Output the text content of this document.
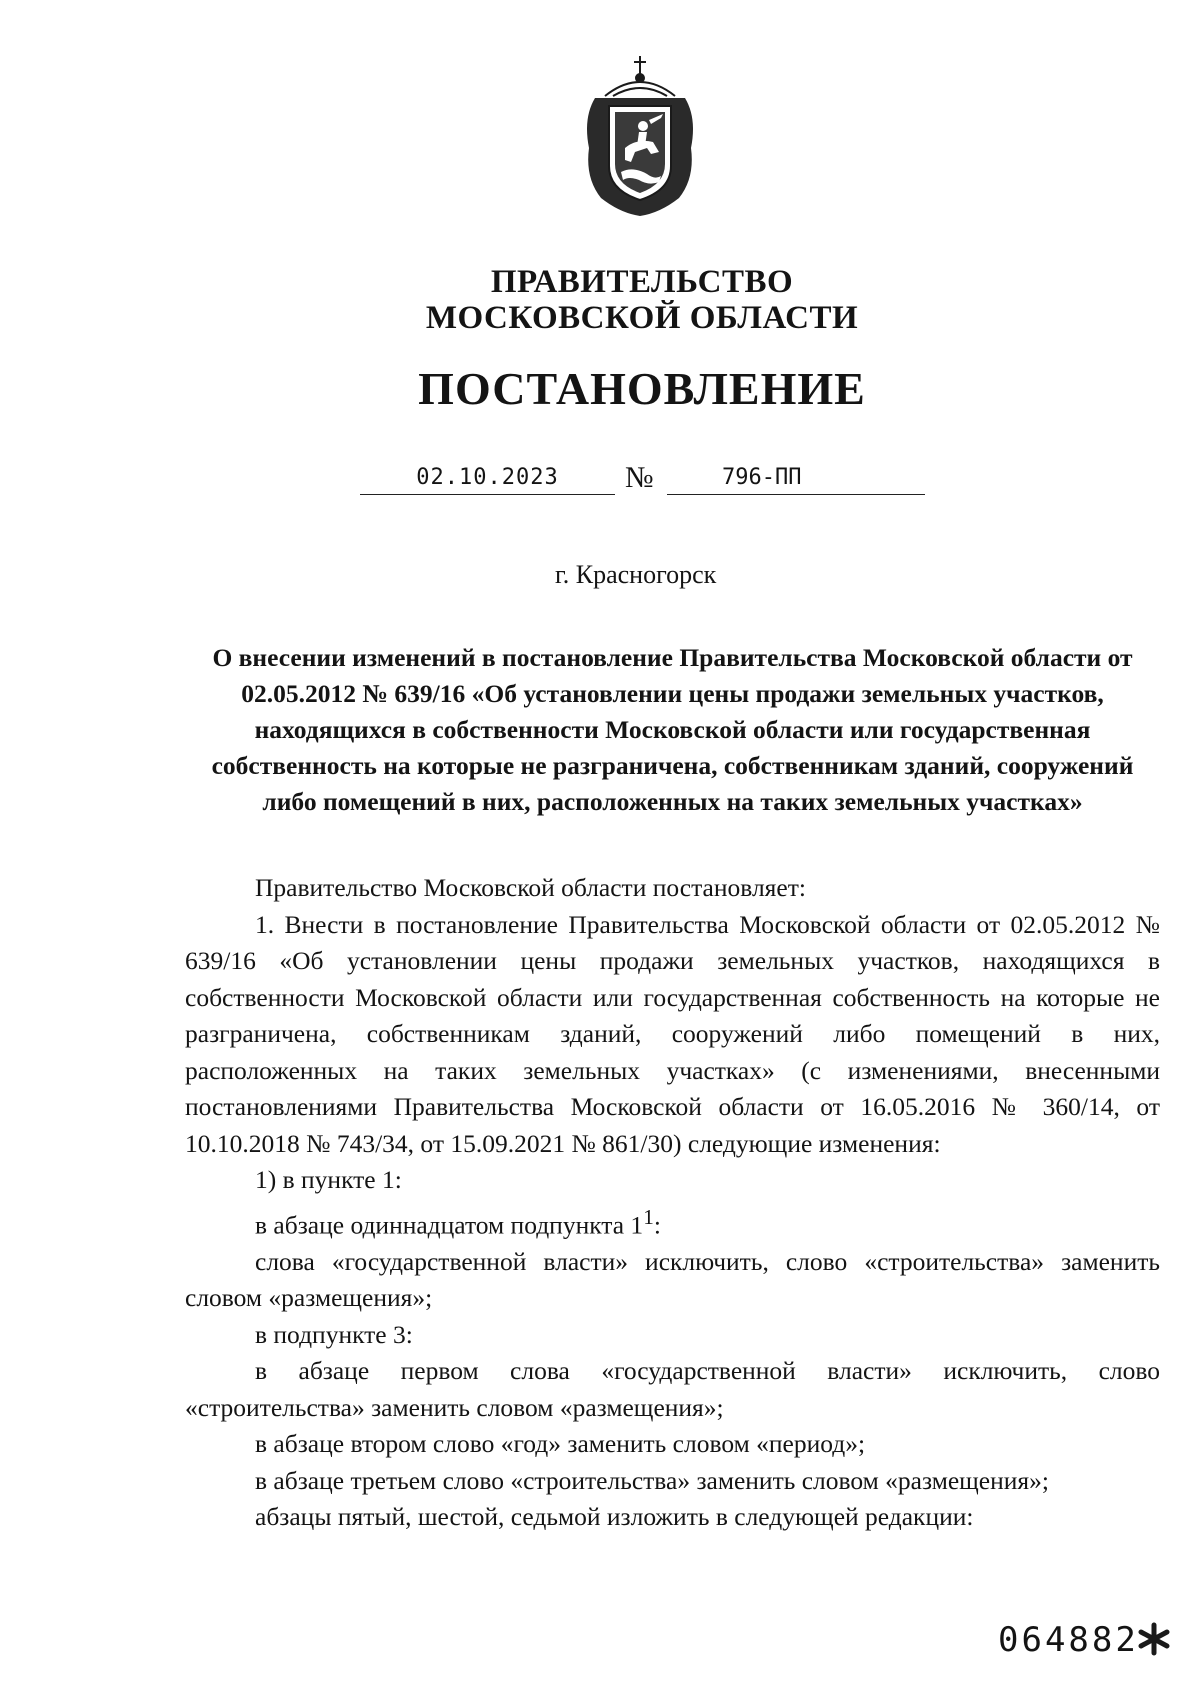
ПРАВИТЕЛЬСТВО
МОСКОВСКОЙ ОБЛАСТИ
ПОСТАНОВЛЕНИЕ
02.10.2023	№	796-ПП
г. Красногорск
О внесении изменений в постановление Правительства Московской области от 02.05.2012 № 639/16 «Об установлении цены продажи земельных участков, находящихся в собственности Московской области или государственная собственность на которые не разграничена, собственникам зданий, сооружений либо помещений в них, расположенных на таких земельных участках»

Правительство Московской области постановляет:

1. Внести в постановление Правительства Московской области от 02.05.2012 № 639/16 «Об установлении цены продажи земельных участков, находящихся в собственности Московской области или государственная собственность на которые не разграничена, собственникам зданий, сооружений либо помещений в них, расположенных на таких земельных участках» (с изменениями, внесенными постановлениями Правительства Московской области от 16.05.2016 № 360/14, от 10.10.2018 № 743/34, от 15.09.2021 № 861/30) следующие изменения:

1) в пункте 1:

в абзаце одиннадцатом подпункта $1^1$:

слова «государственной власти» исключить, слово «строительства» заменить словом «размещения»;

в подпункте 3:

в абзаце первом слова «государственной власти» исключить, слово «строительства» заменить словом «размещения»;

в абзаце втором слово «год» заменить словом «период»;

в абзаце третьем слово «строительства» заменить словом «размещения»;

абзацы пятый, шестой, седьмой изложить в следующей редакции:

064882
